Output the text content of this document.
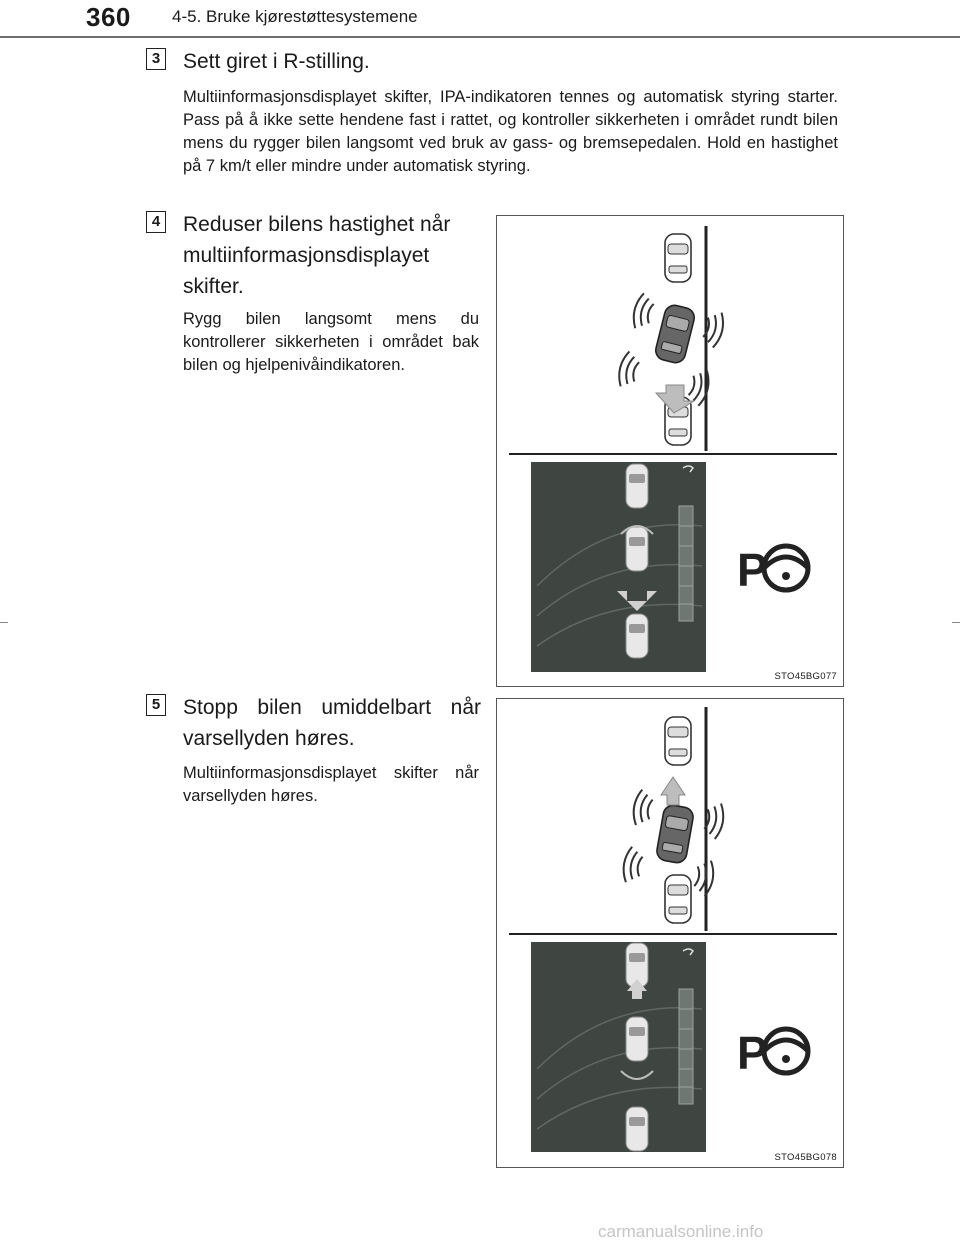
360 4-5. Bruke kjørestøttesystemene
3 Sett giret i R-stilling.
Multiinformasjonsdisplayet skifter, IPA-indikatoren tennes og automatisk styring starter. Pass på å ikke sette hendene fast i rattet, og kontroller sikkerheten i området rundt bilen mens du rygger bilen langsomt ved bruk av gass- og bremsepedalen. Hold en hastighet på 7 km/t eller mindre under automatisk styring.
4 Reduser bilens hastighet når multiinformasjonsdisplayet skifter.
Rygg bilen langsomt mens du kontrollerer sikkerheten i området bak bilen og hjelpenivåindikatoren.
P
STO45BG077
5 Stopp bilen umiddelbart når varsellyden høres.
Multiinformasjonsdisplayet skifter når varsellyden høres.
P
STO45BG078
carmanualsonline.info
